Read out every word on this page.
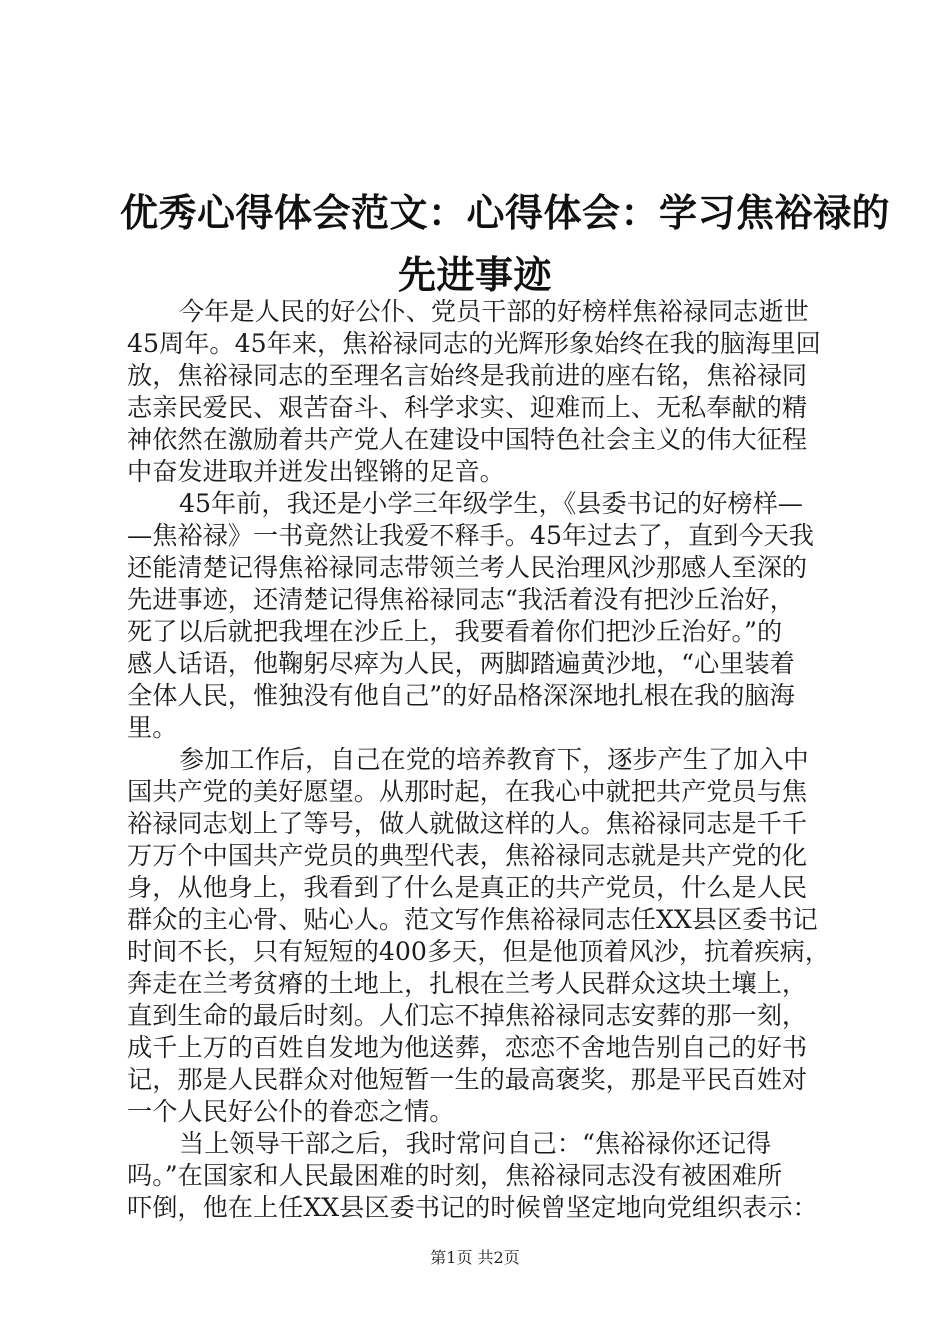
优秀心得体会范文：心得体会：学习焦裕禄的
先进事迹
今年是人民的好公仆、党员干部的好榜样焦裕禄同志逝世
45周年。45年来，焦裕禄同志的光辉形象始终在我的脑海里回
放，焦裕禄同志的至理名言始终是我前进的座右铭，焦裕禄同
志亲民爱民、艰苦奋斗、科学求实、迎难而上、无私奉献的精
神依然在激励着共产党人在建设中国特色社会主义的伟大征程
中奋发进取并迸发出铿锵的足音。
45年前，我还是小学三年级学生，《县委书记的好榜样—
—焦裕禄》一书竟然让我爱不释手。45年过去了，直到今天我
还能清楚记得焦裕禄同志带领兰考人民治理风沙那感人至深的
先进事迹，还清楚记得焦裕禄同志“我活着没有把沙丘治好，
死了以后就把我埋在沙丘上，我要看着你们把沙丘治好。”的
感人话语，他鞠躬尽瘁为人民，两脚踏遍黄沙地，“心里装着
全体人民，惟独没有他自己”的好品格深深地扎根在我的脑海
里。
参加工作后，自己在党的培养教育下，逐步产生了加入中
国共产党的美好愿望。从那时起，在我心中就把共产党员与焦
裕禄同志划上了等号，做人就做这样的人。焦裕禄同志是千千
万万个中国共产党员的典型代表，焦裕禄同志就是共产党的化
身，从他身上，我看到了什么是真正的共产党员，什么是人民
群众的主心骨、贴心人。范文写作焦裕禄同志任XX县区委书记
时间不长，只有短短的400多天，但是他顶着风沙，抗着疾病，
奔走在兰考贫瘠的土地上，扎根在兰考人民群众这块土壤上，
直到生命的最后时刻。人们忘不掉焦裕禄同志安葬的那一刻，
成千上万的百姓自发地为他送葬，恋恋不舍地告别自己的好书
记，那是人民群众对他短暂一生的最高褒奖，那是平民百姓对
一个人民好公仆的眷恋之情。
当上领导干部之后，我时常问自己：“焦裕禄你还记得
吗。”在国家和人民最困难的时刻，焦裕禄同志没有被困难所
吓倒，他在上任XX县区委书记的时候曾坚定地向党组织表示：
第1页 共2页
